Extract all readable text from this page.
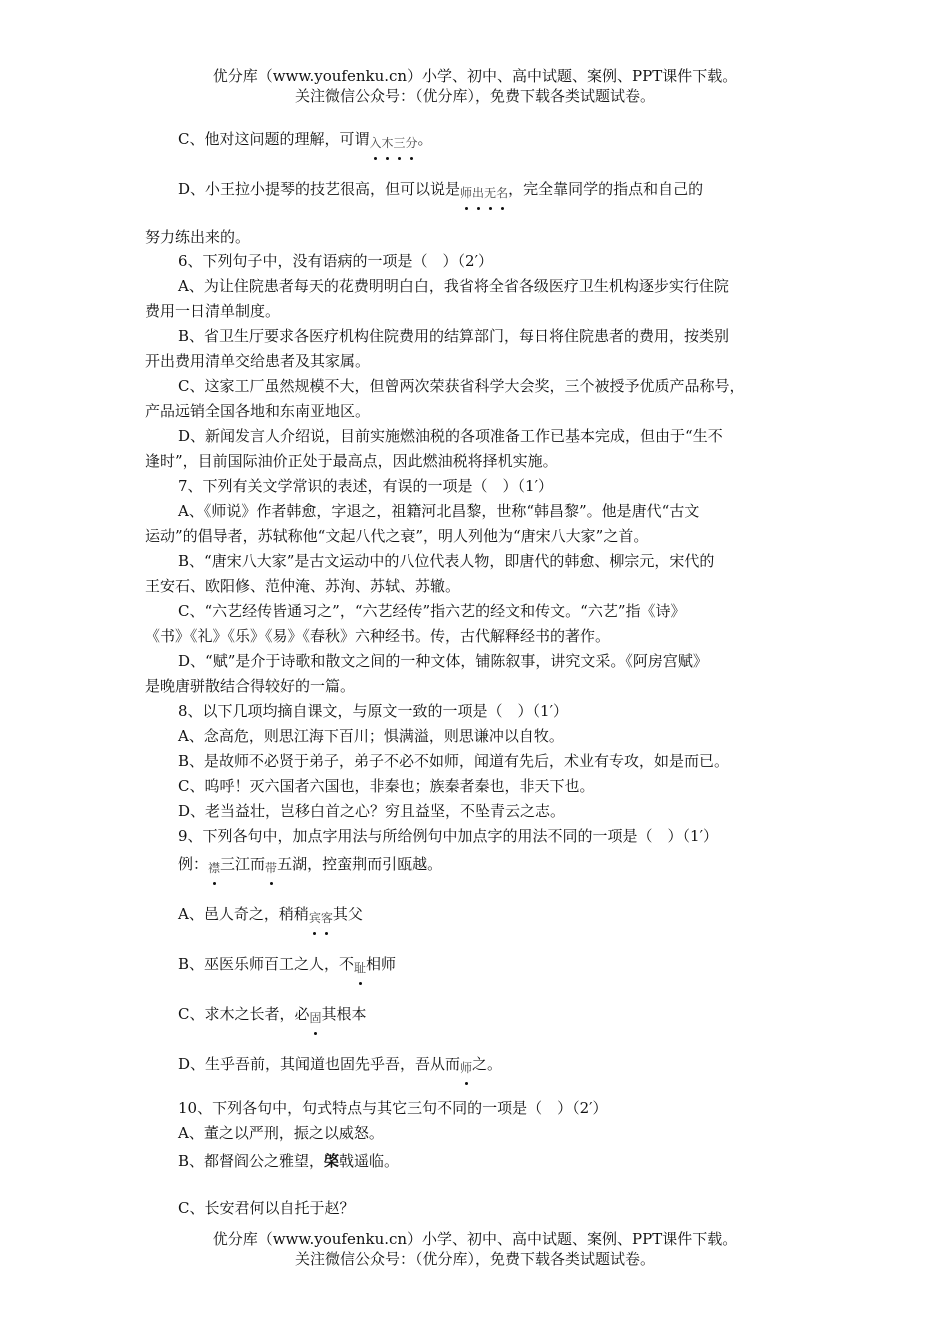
优分库（www.youfenku.cn）小学、初中、高中试题、案例、PPT课件下载。
关注微信公众号：（优分库），免费下载各类试题试卷。
C、他对这问题的理解，可谓$_{入木三分}$。
D、小王拉小提琴的技艺很高，但可以说是$_{师出无名}$，完全靠同学的指点和自己的
努力练出来的。
6、下列句子中，没有语病的一项是（　）（2′）
A、为让住院患者每天的花费明明白白，我省将全省各级医疗卫生机构逐步实行住院
费用一日清单制度。
B、省卫生厅要求各医疗机构住院费用的结算部门，每日将住院患者的费用，按类别
开出费用清单交给患者及其家属。
C、这家工厂虽然规模不大，但曾两次荣获省科学大会奖，三个被授予优质产品称号，
产品远销全国各地和东南亚地区。
D、新闻发言人介绍说，目前实施燃油税的各项准备工作已基本完成，但由于“生不
逢时”，目前国际油价正处于最高点，因此燃油税将择机实施。
7、下列有关文学常识的表述，有误的一项是（　）（1′）
A、《师说》作者韩愈，字退之，祖籍河北昌黎，世称“韩昌黎”。他是唐代“古文
运动”的倡导者，苏轼称他“文起八代之衰”，明人列他为“唐宋八大家”之首。
B、“唐宋八大家”是古文运动中的八位代表人物，即唐代的韩愈、柳宗元，宋代的
王安石、欧阳修、范仲淹、苏洵、苏轼、苏辙。
C、“六艺经传皆通习之”，“六艺经传”指六艺的经文和传文。“六艺”指《诗》
《书》《礼》《乐》《易》《春秋》六种经书。传，古代解释经书的著作。
D、“赋”是介于诗歌和散文之间的一种文体，铺陈叙事，讲究文采。《阿房宫赋》
是晚唐骈散结合得较好的一篇。
8、以下几项均摘自课文，与原文一致的一项是（　）（1′）
A、念高危，则思江海下百川；惧满溢，则思谦冲以自牧。
B、是故师不必贤于弟子，弟子不必不如师，闻道有先后，术业有专攻，如是而已。
C、呜呼！灭六国者六国也，非秦也；族秦者秦也，非天下也。
D、老当益壮，岂移白首之心？穷且益坚，不坠青云之志。
9、下列各句中，加点字用法与所给例句中加点字的用法不同的一项是（　）（1′）
例：$_襟$三江而$_带$五湖，控蛮荆而引瓯越。
A、邑人奇之，稍稍$_{宾客}$其父
B、巫医乐师百工之人，不$_耻$相师
C、求木之长者，必$_固$其根本
D、生乎吾前，其闻道也固先乎吾，吾从而$_师$之。
10、下列各句中，句式特点与其它三句不同的一项是（　）（2′）
A、董之以严刑，振之以威怒。
B、都督阎公之雅望，棨戟遥临。
C、长安君何以自托于赵？
优分库（www.youfenku.cn）小学、初中、高中试题、案例、PPT课件下载。
关注微信公众号：（优分库），免费下载各类试题试卷。
